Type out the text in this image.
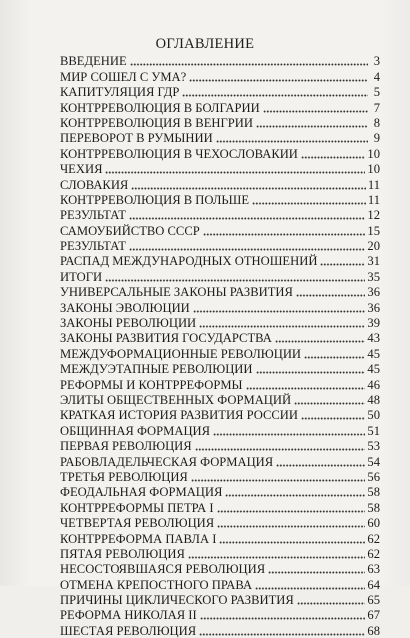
ОГЛАВЛЕНИЕ
ВВЕДЕНИЕ	3
МИР СОШЕЛ С УМА?	4
КАПИТУЛЯЦИЯ ГДР	5
КОНТРРЕВОЛЮЦИЯ В БОЛГАРИИ	7
КОНТРРЕВОЛЮЦИЯ В ВЕНГРИИ	8
ПЕРЕВОРОТ В РУМЫНИИ	9
КОНТРРЕВОЛЮЦИЯ В ЧЕХОСЛОВАКИИ	10
ЧЕХИЯ	10
СЛОВАКИЯ	11
КОНТРРЕВОЛЮЦИЯ В ПОЛЬШЕ	11
РЕЗУЛЬТАТ	12
САМОУБИЙСТВО СССР	15
РЕЗУЛЬТАТ	20
РАСПАД МЕЖДУНАРОДНЫХ ОТНОШЕНИЙ	31
ИТОГИ	35
УНИВЕРСАЛЬНЫЕ ЗАКОНЫ РАЗВИТИЯ	36
ЗАКОНЫ ЭВОЛЮЦИИ	36
ЗАКОНЫ РЕВОЛЮЦИИ	39
ЗАКОНЫ РАЗВИТИЯ ГОСУДАРСТВА	43
МЕЖДУФОРМАЦИОННЫЕ РЕВОЛЮЦИИ	45
МЕЖДУЭТАПНЫЕ РЕВОЛЮЦИИ	45
РЕФОРМЫ И КОНТРРЕФОРМЫ	46
ЭЛИТЫ ОБЩЕСТВЕННЫХ ФОРМАЦИЙ	48
КРАТКАЯ ИСТОРИЯ РАЗВИТИЯ РОССИИ	50
ОБЩИННАЯ ФОРМАЦИЯ	51
ПЕРВАЯ РЕВОЛЮЦИЯ	53
РАБОВЛАДЕЛЬЧЕСКАЯ ФОРМАЦИЯ	54
ТРЕТЬЯ РЕВОЛЮЦИЯ	56
ФЕОДАЛЬНАЯ ФОРМАЦИЯ	58
КОНТРРЕФОРМЫ ПЕТРА I	58
ЧЕТВЕРТАЯ РЕВОЛЮЦИЯ	60
КОНТРРЕФОРМА ПАВЛА I	62
ПЯТАЯ РЕВОЛЮЦИЯ	62
НЕСОСТОЯВШАЯСЯ РЕВОЛЮЦИЯ	63
ОТМЕНА КРЕПОСТНОГО ПРАВА	64
ПРИЧИНЫ ЦИКЛИЧЕСКОГО РАЗВИТИЯ	65
РЕФОРМА НИКОЛАЯ II	67
ШЕСТАЯ РЕВОЛЮЦИЯ	68
